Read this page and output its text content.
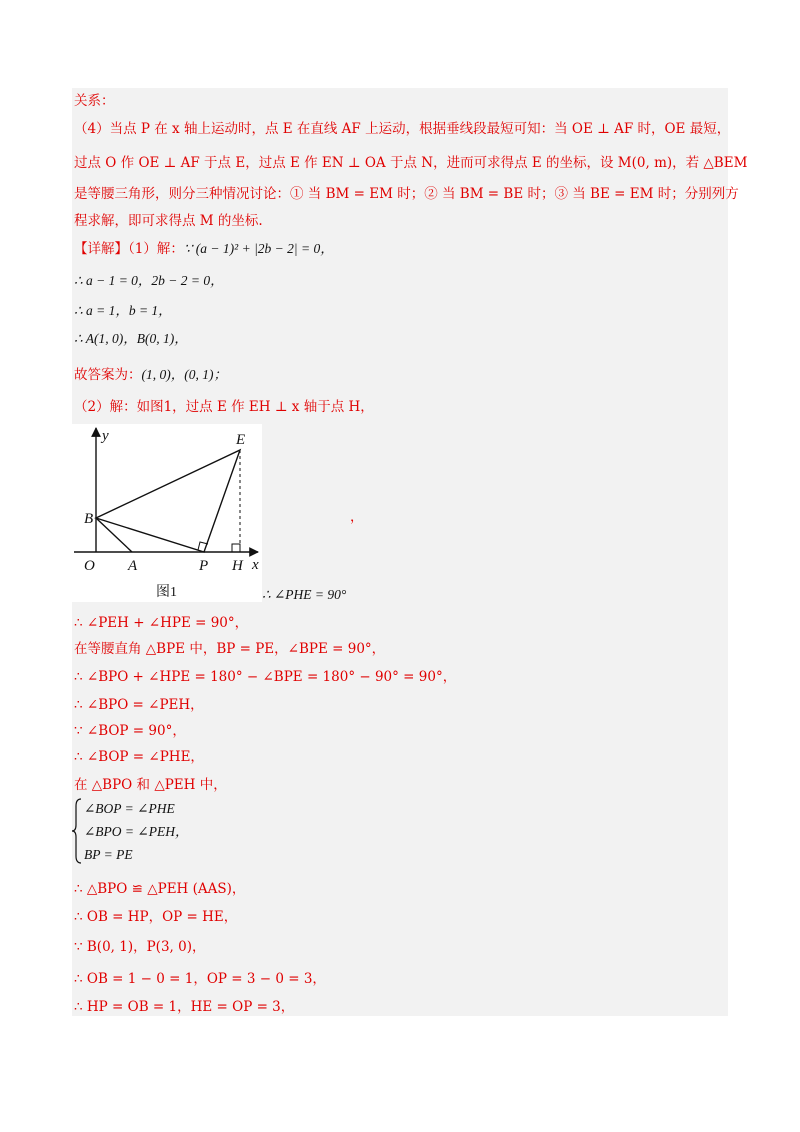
关系：
（4）当点 P 在 x 轴上运动时，点 E 在直线 AF 上运动，根据垂线段最短可知：当 OE ⊥ AF 时，OE 最短，
过点 O 作 OE ⊥ AF 于点 E，过点 E 作 EN ⊥ OA 于点 N，进而可求得点 E 的坐标，设 M(0, m)，若 △BEM
是等腰三角形，则分三种情况讨论：① 当 BM = EM 时；② 当 BM = BE 时；③ 当 BE = EM 时；分别列方
程求解，即可求得点 M 的坐标.
【详解】（1）解：∵ (a − 1)² + |2b − 2| = 0，
∴ a − 1 = 0，2b − 2 = 0，
∴ a = 1，b = 1，
∴ A(1, 0)，B(0, 1)，
故答案为：(1, 0)，(0, 1)；
（2）解：如图1，过点 E 作 EH ⊥ x 轴于点 H，
y	E
B
O A	P H x
图1
，
∴ ∠PHE = 90°
∴ ∠PEH + ∠HPE = 90°，
在等腰直角 △BPE 中，BP = PE，∠BPE = 90°，
∴ ∠BPO + ∠HPE = 180° − ∠BPE = 180° − 90° = 90°，
∴ ∠BPO = ∠PEH，
∵ ∠BOP = 90°，
∴ ∠BOP = ∠PHE，
在 △BPO 和 △PEH 中，
∠BOP = ∠PHE
∠BPO = ∠PEH，
BP = PE
∴ △BPO ≌ △PEH (AAS)，
∴ OB = HP，OP = HE，
∵ B(0, 1)，P(3, 0)，
∴ OB = 1 − 0 = 1，OP = 3 − 0 = 3，
∴ HP = OB = 1，HE = OP = 3，
